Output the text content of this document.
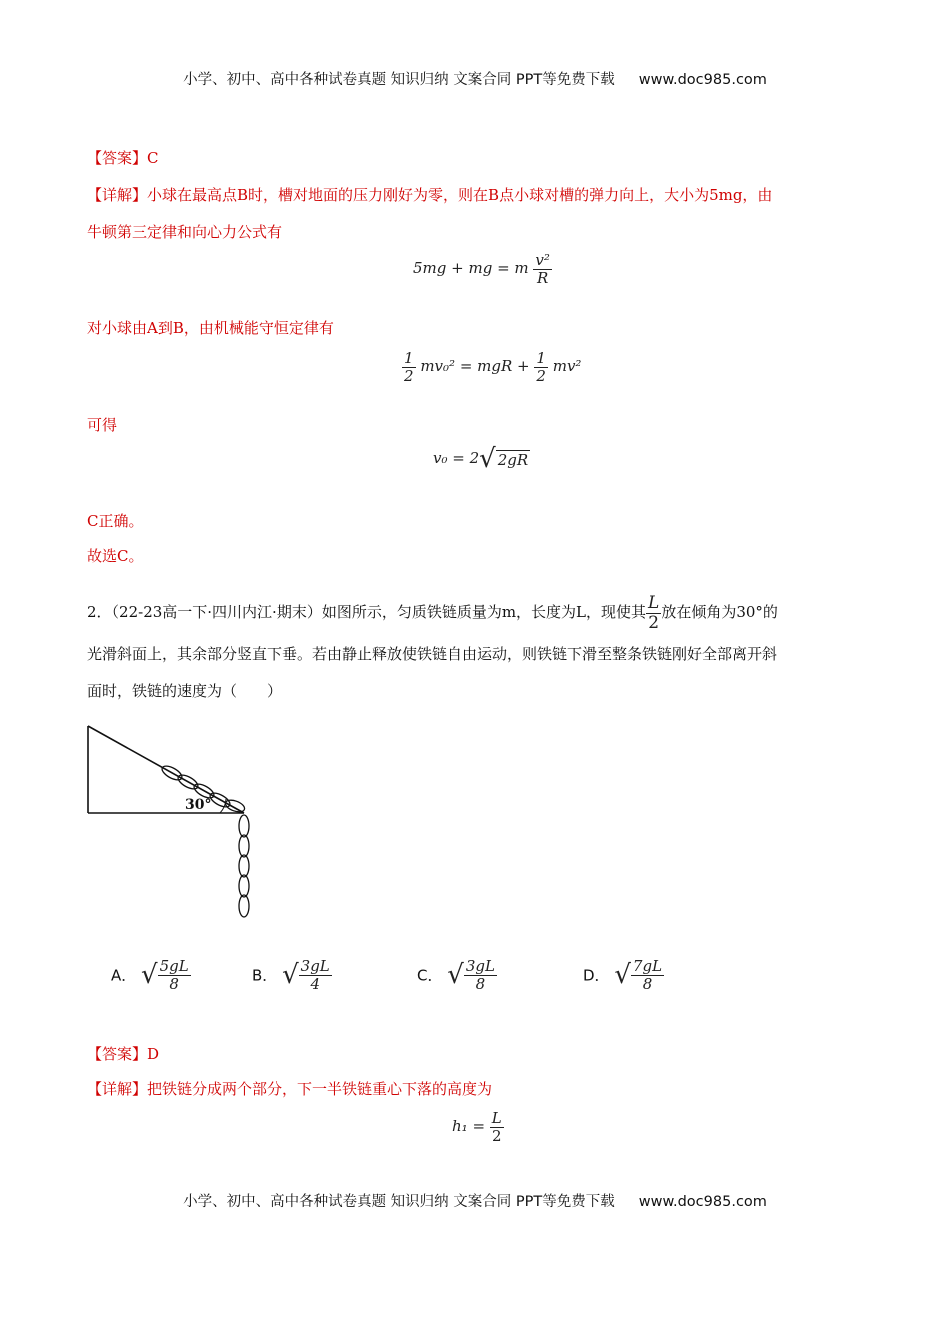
小学、初中、高中各种试卷真题 知识归纳 文案合同 PPT等免费下载 www.doc985.com
【答案】C
【详解】小球在最高点B时，槽对地面的压力刚好为零，则在B点小球对槽的弹力向上，大小为5mg，由
牛顿第三定律和向心力公式有
5mg + mg = m $\frac{\text{v²}}{R}$
对小球由A到B，由机械能守恒定律有
$\frac{1}{2} mv_0^2$ = mgR + $\frac{1}{2} mv^2$
可得
v₀ = 2√ 2gR
C正确。
故选C。
2．（22-23高一下·四川内江·期末）如图所示，匀质铁链质量为m，长度为L，现使其 $\frac{L}{2}$ 放在倾角为30°的
光滑斜面上，其余部分竖直下垂。若由静止释放使铁链自由运动，则铁链下滑至整条铁链刚好全部离开斜
面时，铁链的速度为（　　）
30°
A． √ $\frac{5gL}{8}$	B． √ $\frac{3gL}{4}$	C． √ $\frac{3gL}{8}$	D． √ $\frac{7gL}{8}$
【答案】D
【详解】把铁链分成两个部分，下一半铁链重心下落的高度为
$h_1 = \frac{L}{2}$
小学、初中、高中各种试卷真题 知识归纳 文案合同 PPT等免费下载 www.doc985.com
